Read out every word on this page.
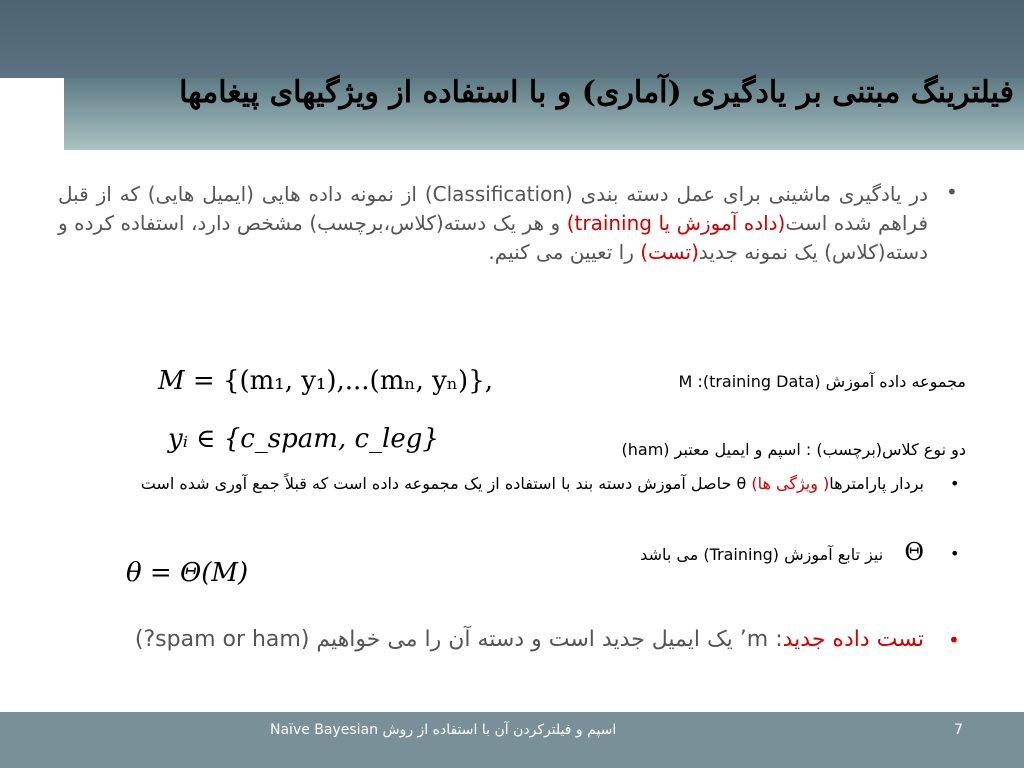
فیلترینگ مبتنی بر یادگیری (آماری) و با استفاده از ویژگیهای پیغامها
•
در یادگیری ماشینی برای عمل دسته بندی (Classification) از نمونه داده هایی (ایمیل هایی) که از قبل فراهم شده است(داده آموزش یا training) و هر یک دسته(کلاس،برچسب) مشخص دارد، استفاده کرده و دسته(کلاس) یک نمونه جدید(تست) را تعیین می کنیم.
M = {(m₁, y₁),...(mₙ, yₙ)},	مجموعه داده آموزش (training Data): M
yᵢ ∈ {c_spam, c_leg}	دو نوع کلاس(برچسب) : اسپم و ایمیل معتبر (ham)
•
بردار پارامترها( ویژگی ها) θ حاصل آموزش دسته بند با استفاده از یک مجموعه داده است که قبلاً جمع آوری شده است
•
Θ نیز تابع آموزش (Training) می باشد
θ = Θ(M)
•
تست داده جدید: m’ یک ایمیل جدید است و دسته آن را می خواهیم (spam or ham?)
اسپم و فیلترکردن آن با استفاده از روش Naïve Bayesian	7
